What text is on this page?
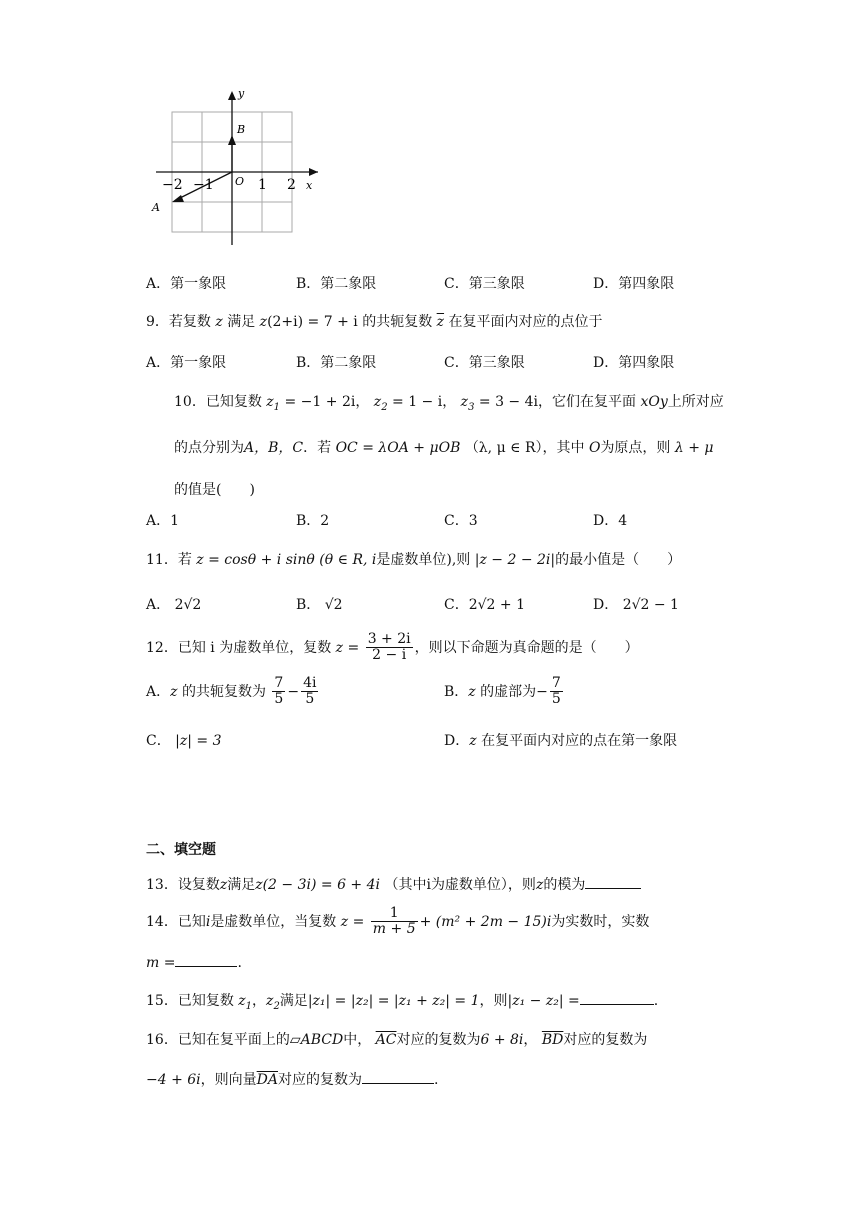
y
x
B
O
A
−2 −1	1 2
A．第一象限	B．第二象限	C．第三象限	D．第四象限
9．若复数 z 满足 z(2+i) = 7 + i 的共轭复数 $\overline{z}$ 在复平面内对应的点位于
A．第一象限	B．第二象限	C．第三象限	D．第四象限
10．已知复数 $z_1 = -1 + 2i$， $z_2 = 1 - i$， $z_3 = 3 - 4i$，它们在复平面 xOy上所对应
的点分别为A，B，C．若 OC = λOA + μOB （λ, μ ∈ R），其中 O为原点，则 λ + μ
的值是(　　)
A．1	B．2	C．3	D．4
11．若 z = cosθ + i sinθ (θ ∈ R, i是虚数单位),则 |z − 2 − 2i|的最小值是（　　）
A． 2√2	B． √2	C．2√2 + 1	D． 2√2 − 1
12．已知 i 为虚数单位，复数 $z = \frac{3 + 2i}{2 - i}$ ，则以下命题为真命题的是（　　）
A．z 的共轭复数为 $\frac{7}{5} - \frac{4i}{5}$	B．z 的虚部为− $\frac{7}{5}$
C． |z| = 3	D．z 在复平面内对应的点在第一象限
二、填空题
13．设复数z满足z(2 − 3i) = 6 + 4i （其中i为虚数单位），则z的模为
14．已知i是虚数单位，当复数 $z = \frac{1}{m + 5} + (m^2 + 2m - 15)i$为实数时，实数
m =	.
15．已知复数 $z_1$，$z_2$满足|z₁| = |z₂| = |z₁ + z₂| = 1，则|z₁ − z₂| =	.
16．已知在复平面上的▱ABCD中， $\overline{AC}$对应的复数为6 + 8i， $\overline{BD}$对应的复数为
−4 + 6i，则向量$\overline{DA}$对应的复数为	.
